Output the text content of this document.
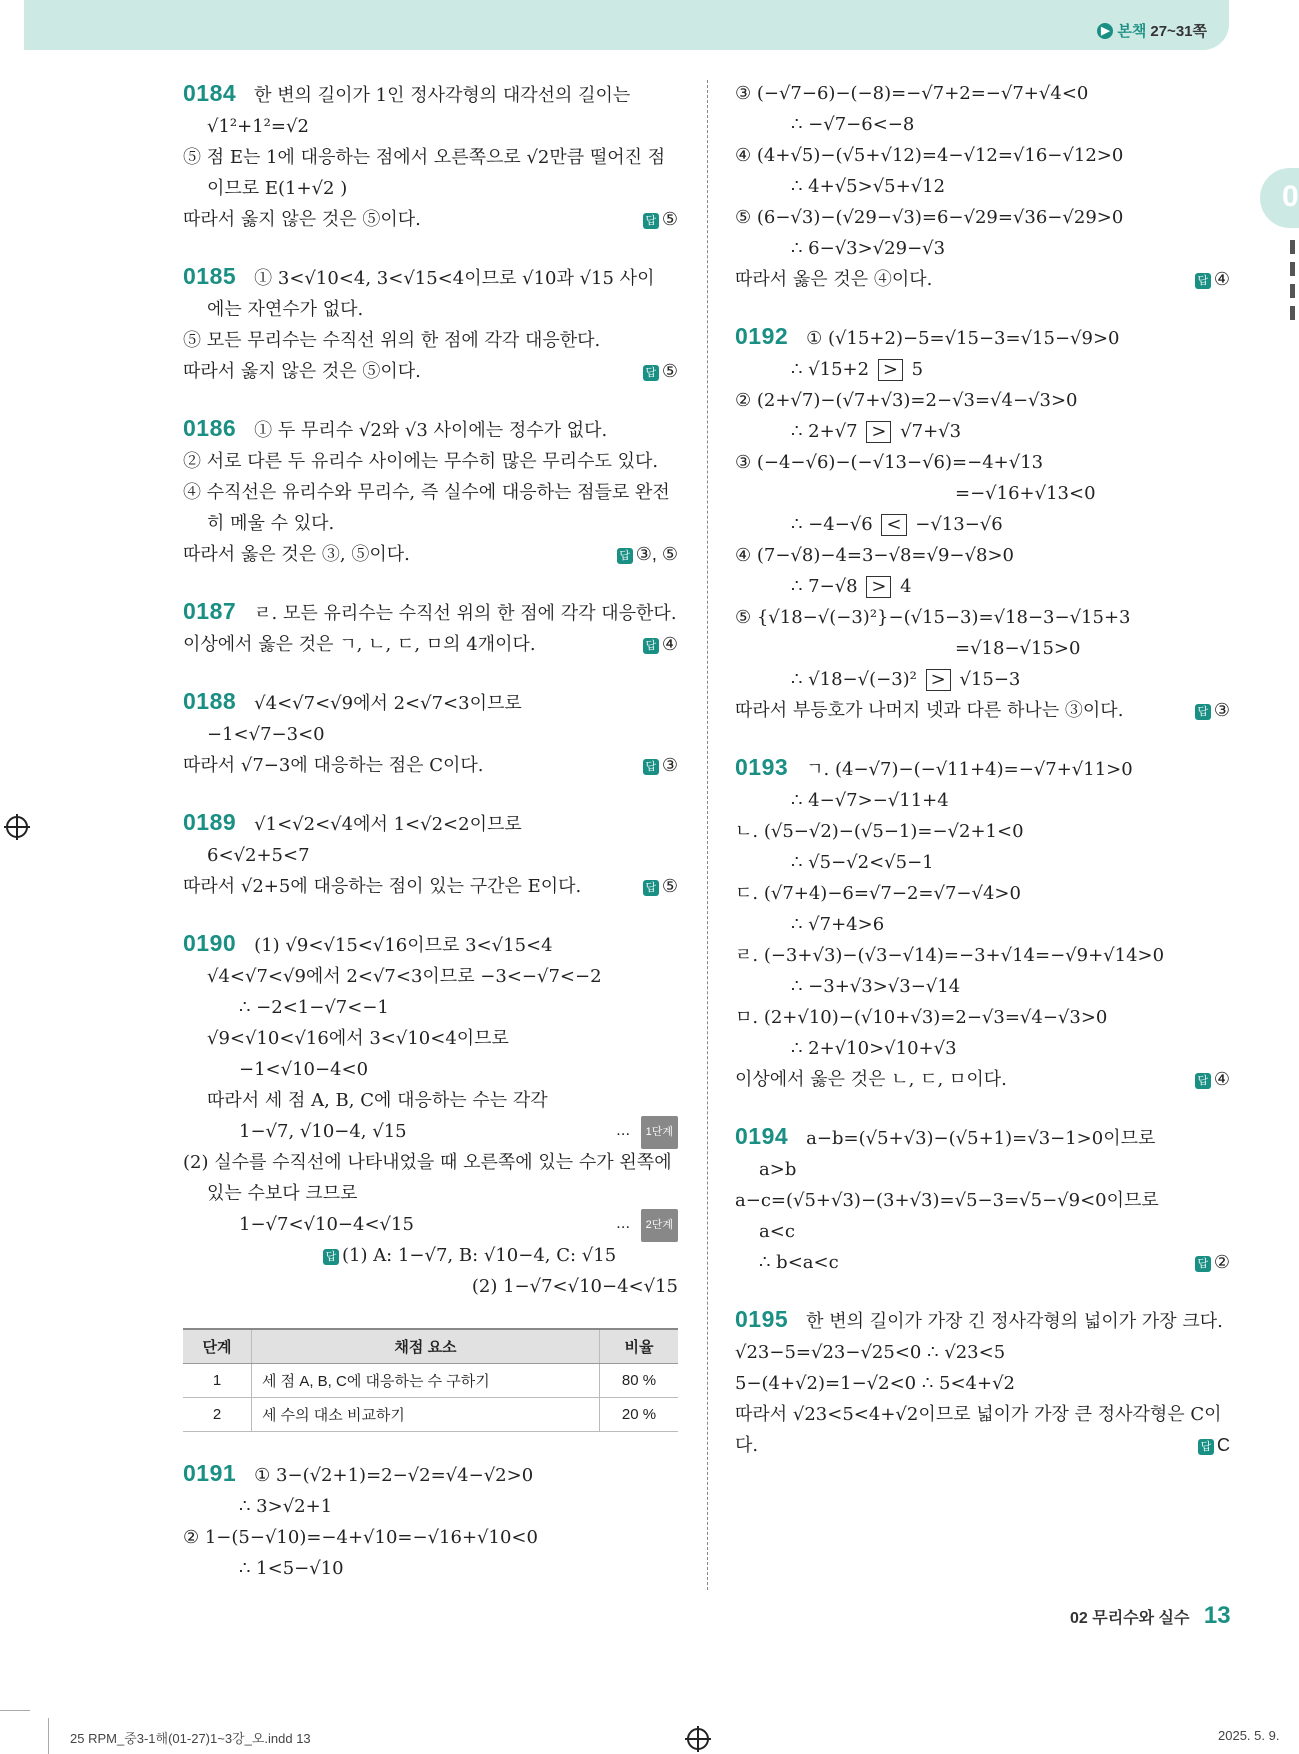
▶ 본책 27~31쪽
0
0184 한 변의 길이가 1인 정사각형의 대각선의 길이는
√1²+1²=√2
⑤ 점 E는 1에 대응하는 점에서 오른쪽으로 √2만큼 떨어진 점
이므로 E(1+√2 )
따라서 옳지 않은 것은 ⑤이다.	답 ⑤
0185 ① 3<√10<4, 3<√15<4이므로 √10과 √15 사이
에는 자연수가 없다.
⑤ 모든 무리수는 수직선 위의 한 점에 각각 대응한다.
따라서 옳지 않은 것은 ⑤이다.	답 ⑤
0186 ① 두 무리수 √2와 √3 사이에는 정수가 없다.
② 서로 다른 두 유리수 사이에는 무수히 많은 무리수도 있다.
④ 수직선은 유리수와 무리수, 즉 실수에 대응하는 점들로 완전
히 메울 수 있다.
따라서 옳은 것은 ③, ⑤이다.	답 ③, ⑤
0187 ㄹ. 모든 유리수는 수직선 위의 한 점에 각각 대응한다.
이상에서 옳은 것은 ㄱ, ㄴ, ㄷ, ㅁ의 4개이다.	답 ④
0188 √4<√7<√9에서 2<√7<3이므로
−1<√7−3<0
따라서 √7−3에 대응하는 점은 C이다.	답 ③
0189 √1<√2<√4에서 1<√2<2이므로
6<√2+5<7
따라서 √2+5에 대응하는 점이 있는 구간은 E이다.	답 ⑤
0190 (1) √9<√15<√16이므로 3<√15<4
√4<√7<√9에서 2<√7<3이므로 −3<−√7<−2
∴ −2<1−√7<−1
√9<√10<√16에서 3<√10<4이므로
−1<√10−4<0
따라서 세 점 A, B, C에 대응하는 수는 각각
1−√7, √10−4, √15	… 1단계
(2) 실수를 수직선에 나타내었을 때 오른쪽에 있는 수가 왼쪽에
있는 수보다 크므로
1−√7<√10−4<√15	… 2단계
답 (1) A: 1−√7, B: √10−4, C: √15
(2) 1−√7<√10−4<√15
단계	채점 요소	비율
1	세 점 A, B, C에 대응하는 수 구하기	80 %
2	세 수의 대소 비교하기	20 %
0191 ① 3−(√2+1)=2−√2=√4−√2>0
∴ 3>√2+1
② 1−(5−√10)=−4+√10=−√16+√10<0
∴ 1<5−√10
③ (−√7−6)−(−8)=−√7+2=−√7+√4<0
∴ −√7−6<−8
④ (4+√5)−(√5+√12)=4−√12=√16−√12>0
∴ 4+√5>√5+√12
⑤ (6−√3)−(√29−√3)=6−√29=√36−√29>0
∴ 6−√3>√29−√3
따라서 옳은 것은 ④이다.	답 ④
0192 ① (√15+2)−5=√15−3=√15−√9>0
∴ √15+2 > 5
② (2+√7)−(√7+√3)=2−√3=√4−√3>0
∴ 2+√7 > √7+√3
③ (−4−√6)−(−√13−√6)=−4+√13
=−√16+√13<0
∴ −4−√6 < −√13−√6
④ (7−√8)−4=3−√8=√9−√8>0
∴ 7−√8 > 4
⑤ {√18−√(−3)²}−(√15−3)=√18−3−√15+3
=√18−√15>0
∴ √18−√(−3)² > √15−3
따라서 부등호가 나머지 넷과 다른 하나는 ③이다.	답 ③
0193 ㄱ. (4−√7)−(−√11+4)=−√7+√11>0
∴ 4−√7>−√11+4
ㄴ. (√5−√2)−(√5−1)=−√2+1<0
∴ √5−√2<√5−1
ㄷ. (√7+4)−6=√7−2=√7−√4>0
∴ √7+4>6
ㄹ. (−3+√3)−(√3−√14)=−3+√14=−√9+√14>0
∴ −3+√3>√3−√14
ㅁ. (2+√10)−(√10+√3)=2−√3=√4−√3>0
∴ 2+√10>√10+√3
이상에서 옳은 것은 ㄴ, ㄷ, ㅁ이다.	답 ④
0194 a−b=(√5+√3)−(√5+1)=√3−1>0이므로
a>b
a−c=(√5+√3)−(3+√3)=√5−3=√5−√9<0이므로
a<c
∴ b<a<c	답 ②
0195 한 변의 길이가 가장 긴 정사각형의 넓이가 가장 크다.
√23−5=√23−√25<0 ∴ √23<5
5−(4+√2)=1−√2<0 ∴ 5<4+√2
따라서 √23<5<4+√2이므로 넓이가 가장 큰 정사각형은 C이
다.	답 C
02 무리수와 실수 13
25 RPM_중3-1해(01-27)1~3강_오.indd 13	2025. 5. 9.
